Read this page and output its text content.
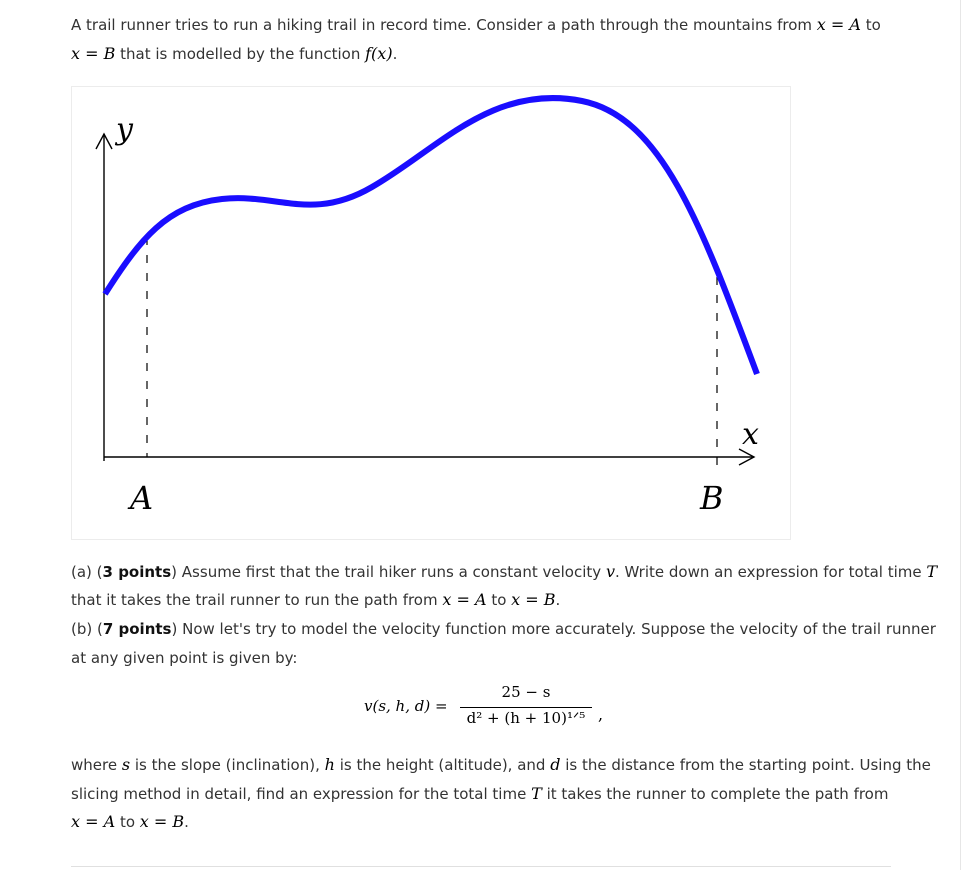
A trail runner tries to run a hiking trail in record time. Consider a path through the mountains from x = A to
x = B that is modelled by the function f(x).
y
x
A	B
(a) (3 points) Assume first that the trail hiker runs a constant velocity v. Write down an expression for total time T
that it takes the trail runner to run the path from x = A to x = B.
(b) (7 points) Now let's try to model the velocity function more accurately. Suppose the velocity of the trail runner
at any given point is given by:
v(s, h, d) =
25 − s
d² + (h + 10)¹ᐟ⁵ ,
where s is the slope (inclination), h is the height (altitude), and d is the distance from the starting point. Using the
slicing method in detail, find an expression for the total time T it takes the runner to complete the path from
x = A to x = B.
